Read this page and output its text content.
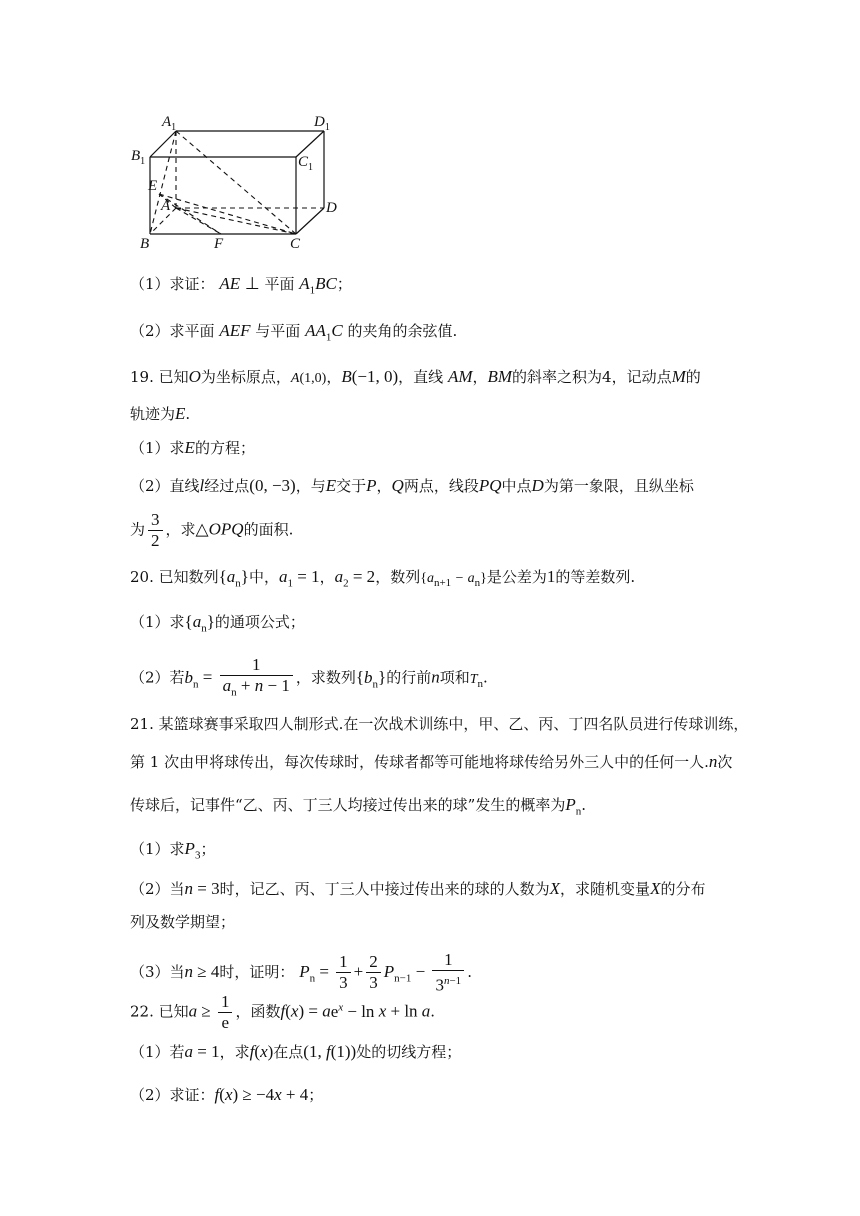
$A_1$	$D_1$
$B_1$	$C_1$
E
A	D
B	F	C
（1）求证： AE ⊥ 平面 $A_1BC$；
（2）求平面 AEF 与平面 $AA_1C$ 的夹角的余弦值.
19. 已知O为坐标原点，A(1,0)，B(−1, 0)，直线 AM，BM的斜率之积为4，记动点M的
轨迹为E.
（1）求E的方程；
（2）直线l经过点(0, −3)，与E交于P，Q两点，线段PQ中点D为第一象限，且纵坐标
为 $\frac{3}{2}$ ，求△OPQ的面积.
20. 已知数列$\{a_n\}$中，$a_1 = 1$，$a_2 = 2$，数列$\{a_{n+1} - a_n\}$是公差为1的等差数列.
（1）求$\{a_n\}$的通项公式；
（2）若$b_n = \frac{1}{a_n + n - 1}$ ，求数列$\{b_n\}$的行前n项和$T_n$.
21. 某篮球赛事采取四人制形式.在一次战术训练中，甲、乙、丙、丁四名队员进行传球训练，
第 1 次由甲将球传出，每次传球时，传球者都等可能地将球传给另外三人中的任何一人.n次
传球后，记事件“乙、丙、丁三人均接过传出来的球”发生的概率为$P_n$.
（1）求$P_3$；
（2）当n = 3时，记乙、丙、丁三人中接过传出来的球的人数为X，求随机变量X的分布
列及数学期望；
（3）当n ≥ 4时，证明： $P_n = \frac{1}{3} + \frac{2}{3} P_{n-1} - \frac{1}{3^{n-1}}$ .
22. 已知$a \ge \frac{1}{e}$ ，函数$f(x) = ae^x - \ln x + \ln a$.
（1）若a = 1，求f(x)在点(1, f(1))处的切线方程；
（2）求证：f(x) ≥ −4x + 4；
